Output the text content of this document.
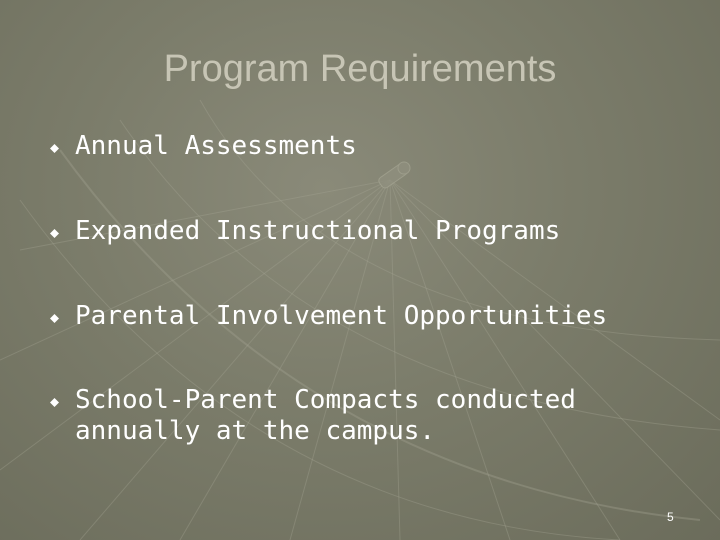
Program Requirements
Annual Assessments
Expanded Instructional Programs
Parental Involvement Opportunities
School-Parent Compacts conducted annually at the campus.
5
